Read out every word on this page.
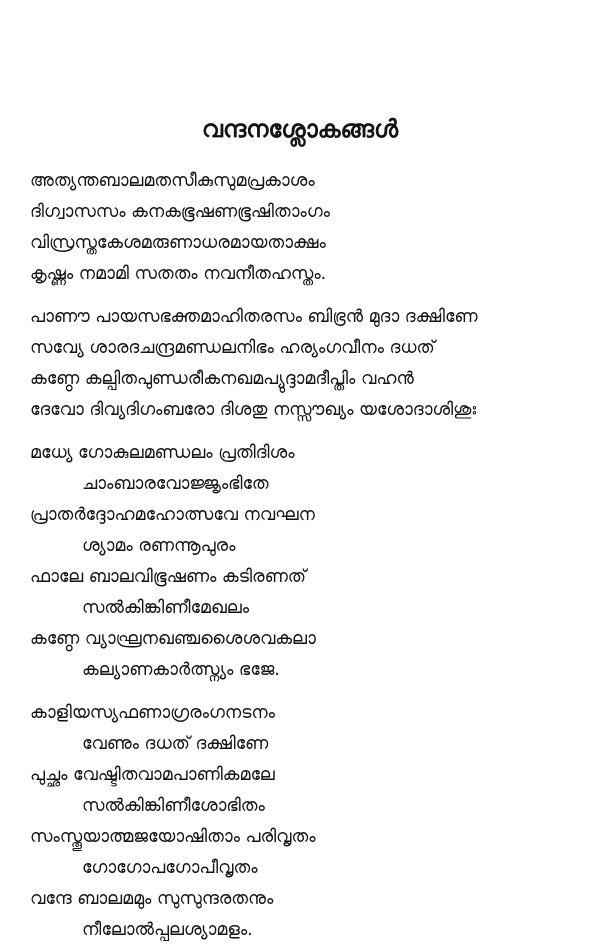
വന്ദനശ്ലോകങ്ങൾ
അത്യന്തബാലമതസീകുസുമപ്രകാശം
ദിഗ്വാസസം കനകഭൂഷണഭൂഷിതാംഗം
വിസ്രസ്തകേശമരുണാധരമായതാക്ഷം
കൃഷ്ണം നമാമി സതതം നവനീതഹസ്തം.
പാണൗ പായസഭക്തമാഹിതരസം ബിഭ്രൻ മുദാ ദക്ഷിണേ
സവ്യേ ശാരദചന്ദ്രമണ്ഡലനിഭം ഹര്യംഗവീനം ദധത്
കണ്ഠേ കല്പിതപുണ്ഡരീകനഖമപ്യുദ്ദാമദീപ്തിം വഹൻ
ദേവോ ദിവ്യദിഗംബരോ ദിശതു നസ്സൗഖ്യം യശോദാശിശുഃ
മധ്യേ ഗോകുലമണ്ഡലം പ്രതിദിശം
ചാംബാരവോജ്ജൃംഭിതേ
പ്രാതർദ്ദോഹമഹോത്സവേ നവഘന
ശ്യാമം രണന്നൂപുരം
ഫാലേ ബാലവിഭൂഷണം കടിരണത്
സൽകിങ്കിണീമേഖലം
കണ്ഠേ വ്യാഘ്രനഖഞ്ചശൈശവകലാ
കല്യാണകാർത്സ്ന്യം ഭജേ.
കാളിയസ്യഫണാഗ്രരംഗനടനം
വേണും ദധത് ദക്ഷിണേ
പുച്ഛം വേഷ്ടിതവാമപാണികമലേ
സൽകിങ്കിണീശോഭിതം
സംസ്തൂയാത്മജയോഷിതാം പരിവൃതം
ഗോഗോപഗോപീവൃതം
വന്ദേ ബാലമമും സുസുന്ദരതനും
നീലോൽപ്പലശ്യാമളം.
